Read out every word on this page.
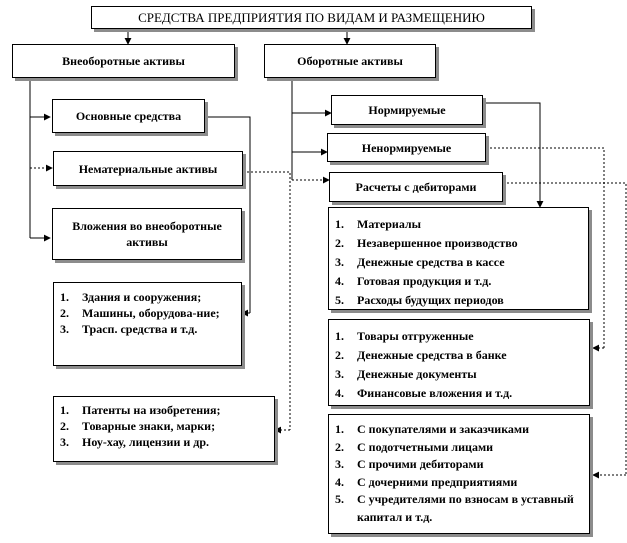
СРЕДСТВА ПРЕДПРИЯТИЯ ПО ВИДАМ И РАЗМЕЩЕНИЮ
Внеоборотные активы	Оборотные активы
Основные средства
Нематериальные активы
Вложения во внеоборотные активы
1.	Здания и сооружения;
2.	Машины, оборудова-ние;
3.	Трасп. средства и т.д.
1.	Патенты на изобретения;
2.	Товарные знаки, марки;
3.	Ноу-хау, лицензии и др.
Нормируемые
Ненормируемые
Расчеты с дебиторами
1.	Материалы
2.	Незавершенное производство
3.	Денежные средства в кассе
4.	Готовая продукция и т.д.
5.	Расходы будущих периодов
1.	Товары отгруженные
2.	Денежные средства в банке
3.	Денежные документы
4.	Финансовые вложения и т.д.
1.	С покупателями и заказчиками
2.	С подотчетными лицами
3.	С прочими дебиторами
4.	С дочерними предприятиями
5.	С учредителями по взносам в уставный капитал и т.д.
